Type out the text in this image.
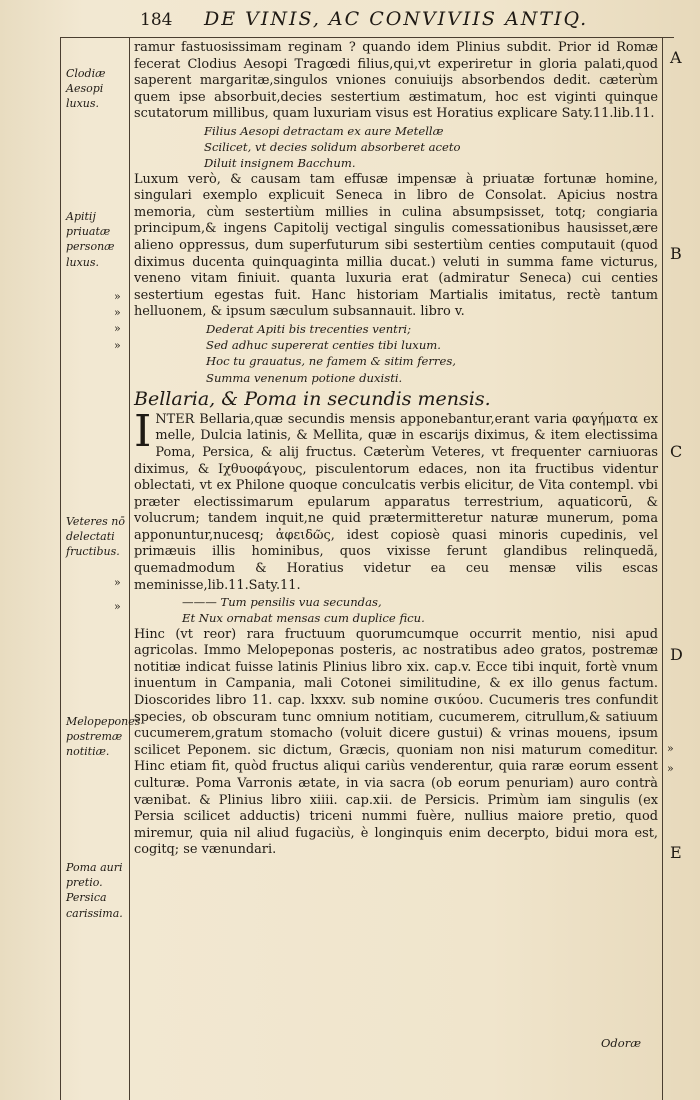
184 DE VINIS, AC CONVIVIIS ANTIQ.
Clodiæ Aesopi luxus.
Apitij priuatæ personæ luxus.
Veteres nō delectati fructibus.
Melopepones postremæ notitiæ.
Poma auri pretio. Persica carissima.
»
»
»
»
»
»
»
»
A
B
C
D
E

ramur fastuosissimam reginam ? quando idem Plinius subdit. Prior id Romæ fecerat Clodius Aesopi Tragœdi filius,qui,vt experiretur in gloria palati,quod saperent margaritæ,singulos vniones conuiuijs absorbendos dedit. cæterùm quem ipse absorbuit,decies sestertium æstimatum, hoc est viginti quinque scutatorum millibus, quam luxuriam visus est Horatius explicare Saty.11.lib.11.

Filius Aesopi detractam ex aure Metellæ

Scilicet, vt decies solidum absorberet aceto

Diluit insignem Bacchum.

Luxum verò, & causam tam effusæ impensæ à priuatæ fortunæ homine, singulari exemplo explicuit Seneca in libro de Consolat. Apicius nostra memoria, cùm sestertiùm millies in culina absumpsisset, totq; congiaria principum,& ingens Capitolij vectigal singulis comessationibus hausisset,ære alieno oppressus, dum superfuturum sibi sestertiùm centies computauit (quod diximus ducenta quinquaginta millia ducat.) veluti in summa fame victurus, veneno vitam finiuit. quanta luxuria erat (admiratur Seneca) cui centies sestertium egestas fuit. Hanc historiam Martialis imitatus, rectè tantum helluonem, & ipsum sæculum subsannauit. libro v.

Dederat Apiti bis trecenties ventri;

Sed adhuc supererat centies tibi luxum.

Hoc tu grauatus, ne famem & sitim ferres,

Summa venenum potione duxisti.

Bellaria, & Poma in secundis mensis.

INTER Bellaria,quæ secundis mensis apponebantur,erant varia φαγήματα ex melle, Dulcia latinis, & Mellita, quæ in escarijs diximus, & item electissima Poma, Persica, & alij fructus. Cæterùm Veteres, vt frequenter carniuoras diximus, & Ιχθυοφάγους, pisculentorum edaces, non ita fructibus videntur oblectati, vt ex Philone quoque conculcatis verbis elicitur, de Vita contempl. vbi præter electissimarum epularum apparatus terrestrium, aquaticorū, & volucrum; tandem inquit,ne quid prætermitteretur naturæ munerum, poma apponuntur,nucesq; ἀφειδῶς, idest copiosè quasi minoris cupedinis, vel primæuis illis hominibus, quos vixisse ferunt glandibus relinquedã, quemadmodum & Horatius videtur ea ceu mensæ vilis escas meminisse,lib.11.Saty.11.

——— Tum pensilis vua secundas,

Et Nux ornabat mensas cum duplice ficu.

Hinc (vt reor) rara fructuum quorumcumque occurrit mentio, nisi apud agricolas. Immo Melopeponas posteris, ac nostratibus adeo gratos, postremæ notitiæ indicat fuisse latinis Plinius libro xix. cap.v. Ecce tibi inquit, fortè vnum inuentum in Campania, mali Cotonei similitudine, & ex illo genus factum. Dioscorides libro 11. cap. lxxxv. sub nomine σικύου. Cucumeris tres confundit species, ob obscuram tunc omnium notitiam, cucumerem, citrullum,& satiuum cucumerem,gratum stomacho (voluit dicere gustui) & vrinas mouens, ipsum scilicet Peponem. sic dictum, Græcis, quoniam non nisi maturum comeditur. Hinc etiam fit, quòd fructus aliqui cariùs venderentur, quia raræ eorum essent culturæ. Poma Varronis ætate, in via sacra (ob eorum penuriam) auro contrà vænibat. & Plinius libro xiiii. cap.xii. de Persicis. Primùm iam singulis (ex Persia scilicet adductis) triceni nummi fuère, nullius maiore pretio, quod miremur, quia nil aliud fugaciùs, è longinquis enim decerpto, bidui mora est, cogitq; se vænundari.

Odoræ
